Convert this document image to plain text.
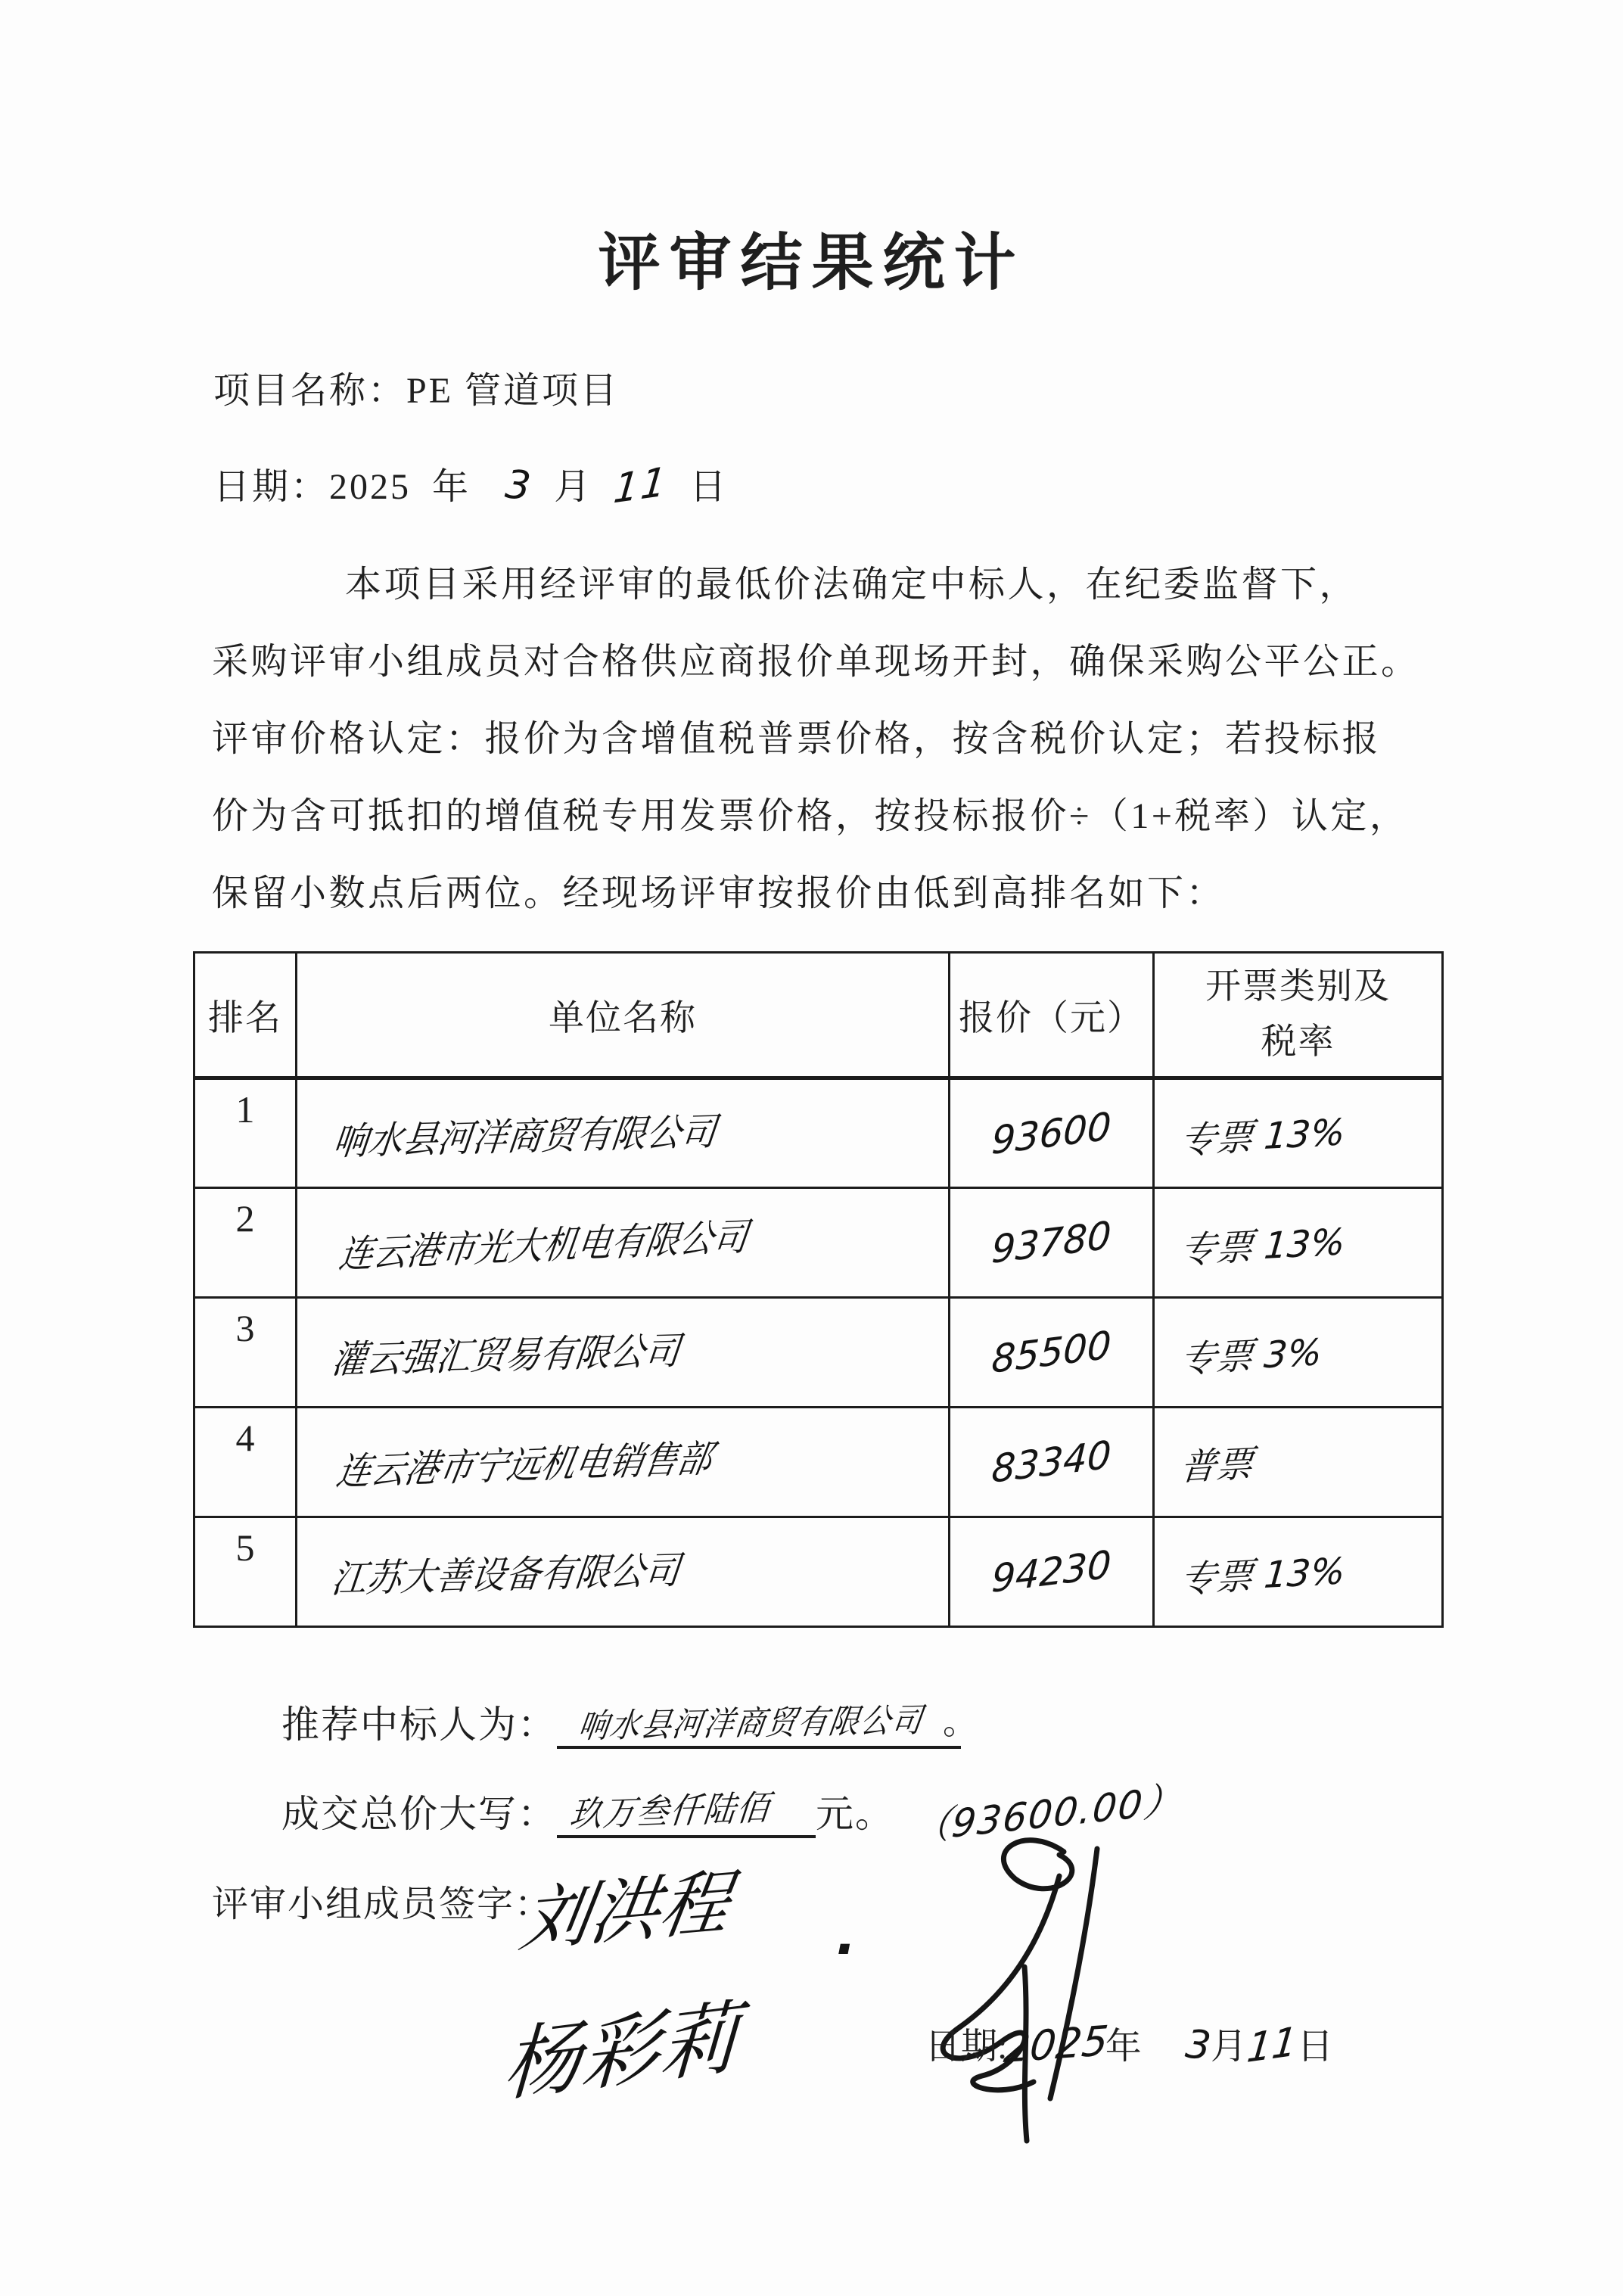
评审结果统计
项目名称：PE 管道项目
日期：2025 年 3 月 11 日
本项目采用经评审的最低价法确定中标人，在纪委监督下，
采购评审小组成员对合格供应商报价单现场开封，确保采购公平公正。
评审价格认定：报价为含增值税普票价格，按含税价认定；若投标报
价为含可抵扣的增值税专用发票价格，按投标报价÷（1+税率）认定，
保留小数点后两位。经现场评审按报价由低到高排名如下：
排名	单位名称	报价（元）	开票类别及
税率

1	响水县河洋商贸有限公司	93600	专票 13%
2	连云港市光大机电有限公司	93780	专票 13%
3	灌云强汇贸易有限公司	85500	专票 3%
4	连云港市宁远机电销售部	83340	普票
5	江苏大善设备有限公司	94230	专票 13%
推荐中标人为： 响水县河洋商贸有限公司 。
成交总价大写： 玖万叁仟陆佰 元。 （93600.00）
评审小组成员签字：
刘洪程 .
杨彩莉	日期:2025年 3月11日
